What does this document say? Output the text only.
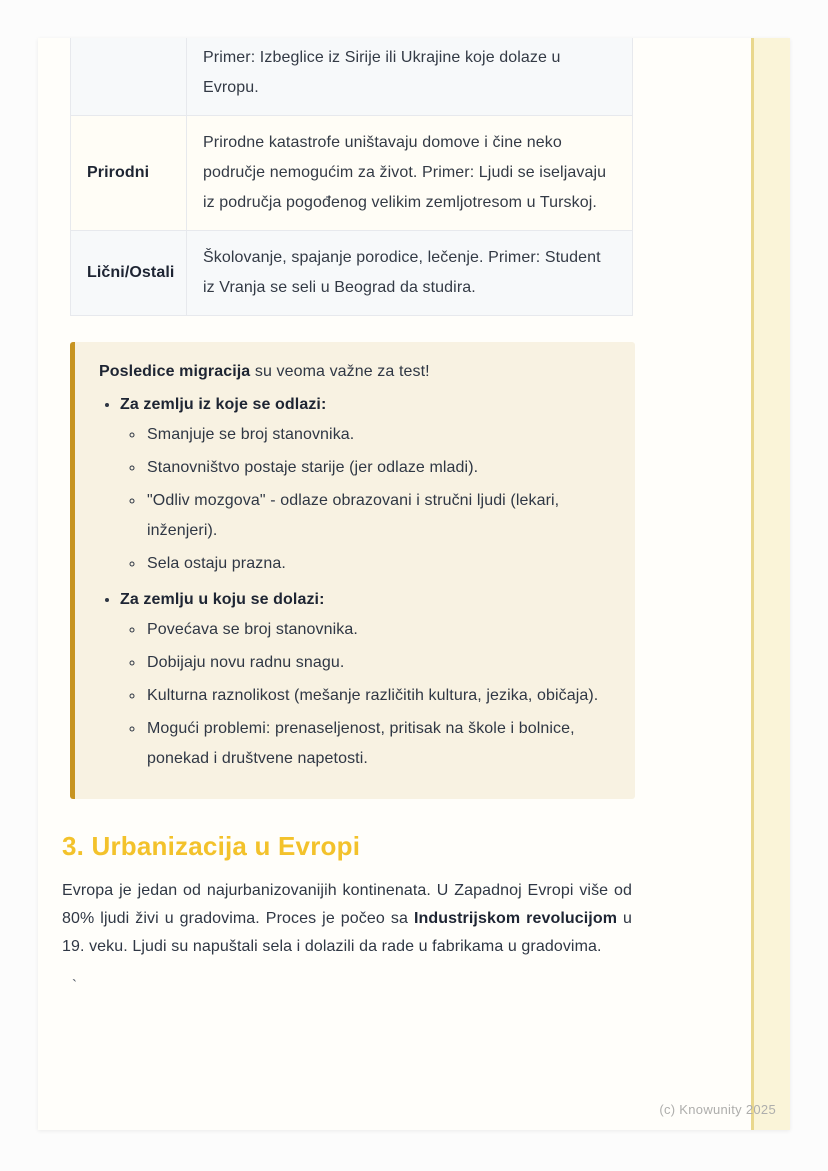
	Primer: Izbeglice iz Sirije ili Ukrajine koje dolaze u Evropu.
Prirodni	Prirodne katastrofe uništavaju domove i čine neko područje nemogućim za život. Primer: Ljudi se iseljavaju iz područja pogođenog velikim zemljotresom u Turskoj.
Lični/Ostali	Školovanje, spajanje porodice, lečenje. Primer: Student iz Vranja se seli u Beograd da studira.

Posledice migracija su veoma važne za test!

• Za zemlju iz koje se odlazi:
◦ Smanjuje se broj stanovnika.
◦ Stanovništvo postaje starije (jer odlaze mladi).
◦ "Odliv mozgova" - odlaze obrazovani i stručni ljudi (lekari, inženjeri).
◦ Sela ostaju prazna.
• Za zemlju u koju se dolazi:
◦ Povećava se broj stanovnika.
◦ Dobijaju novu radnu snagu.
◦ Kulturna raznolikost (mešanje različitih kultura, jezika, običaja).
◦ Mogući problemi: prenaseljenost, pritisak na škole i bolnice, ponekad i društvene napetosti.
3. Urbanizacija u Evropi

Evropa je jedan od najurbanizovanijih kontinenata. U Zapadnoj Evropi više od 80% ljudi živi u gradovima. Proces je počeo sa Industrijskom revolucijom u 19. veku. Ljudi su napuštali sela i dolazili da rade u fabrikama u gradovima.

`

(c) Knowunity 2025
